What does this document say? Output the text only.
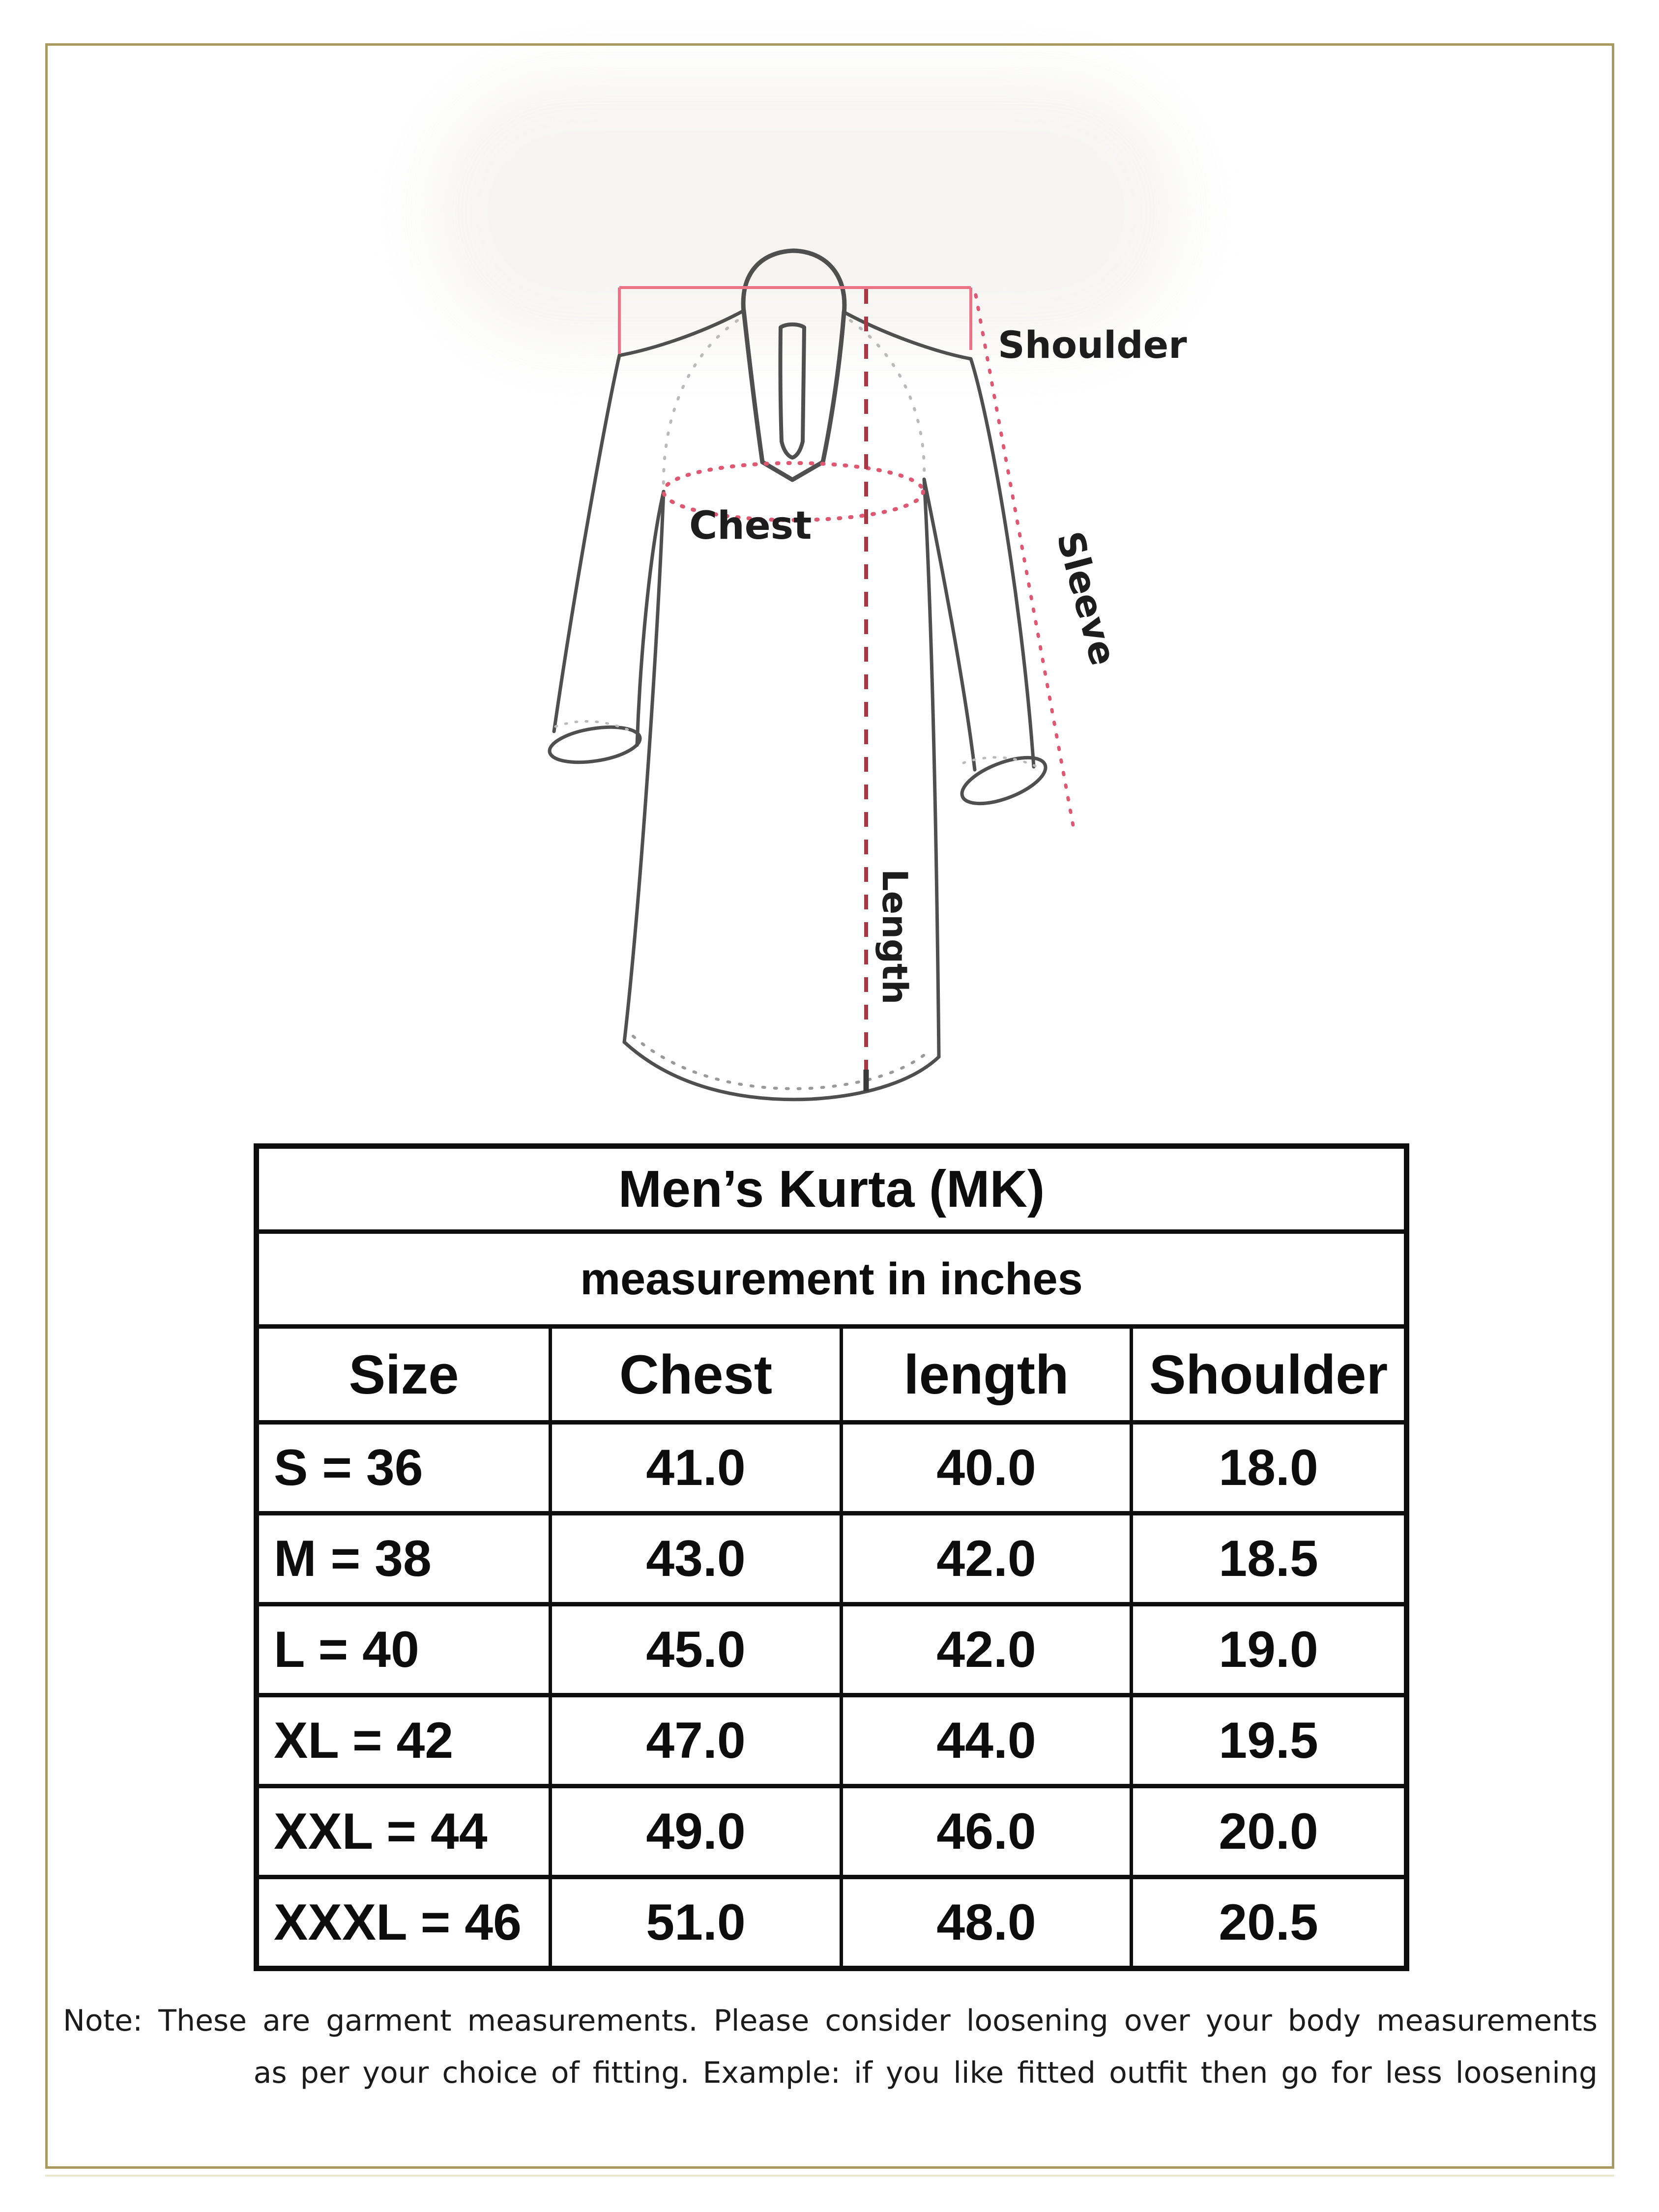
Shoulder
Chest
Sleeve
Length
Men’s Kurta (MK)			
measurement in inches			
Size	Chest	length	Shoulder
S = 36	41.0	40.0	18.0
M = 38	43.0	42.0	18.5
L = 40	45.0	42.0	19.0
XL = 42	47.0	44.0	19.5
XXL = 44	49.0	46.0	20.0
XXXL = 46	51.0	48.0	20.5
Note: These are garment measurements. Please consider loosening over your body measurements
as per your choice of fitting. Example: if you like fitted outfit then go for less loosening
